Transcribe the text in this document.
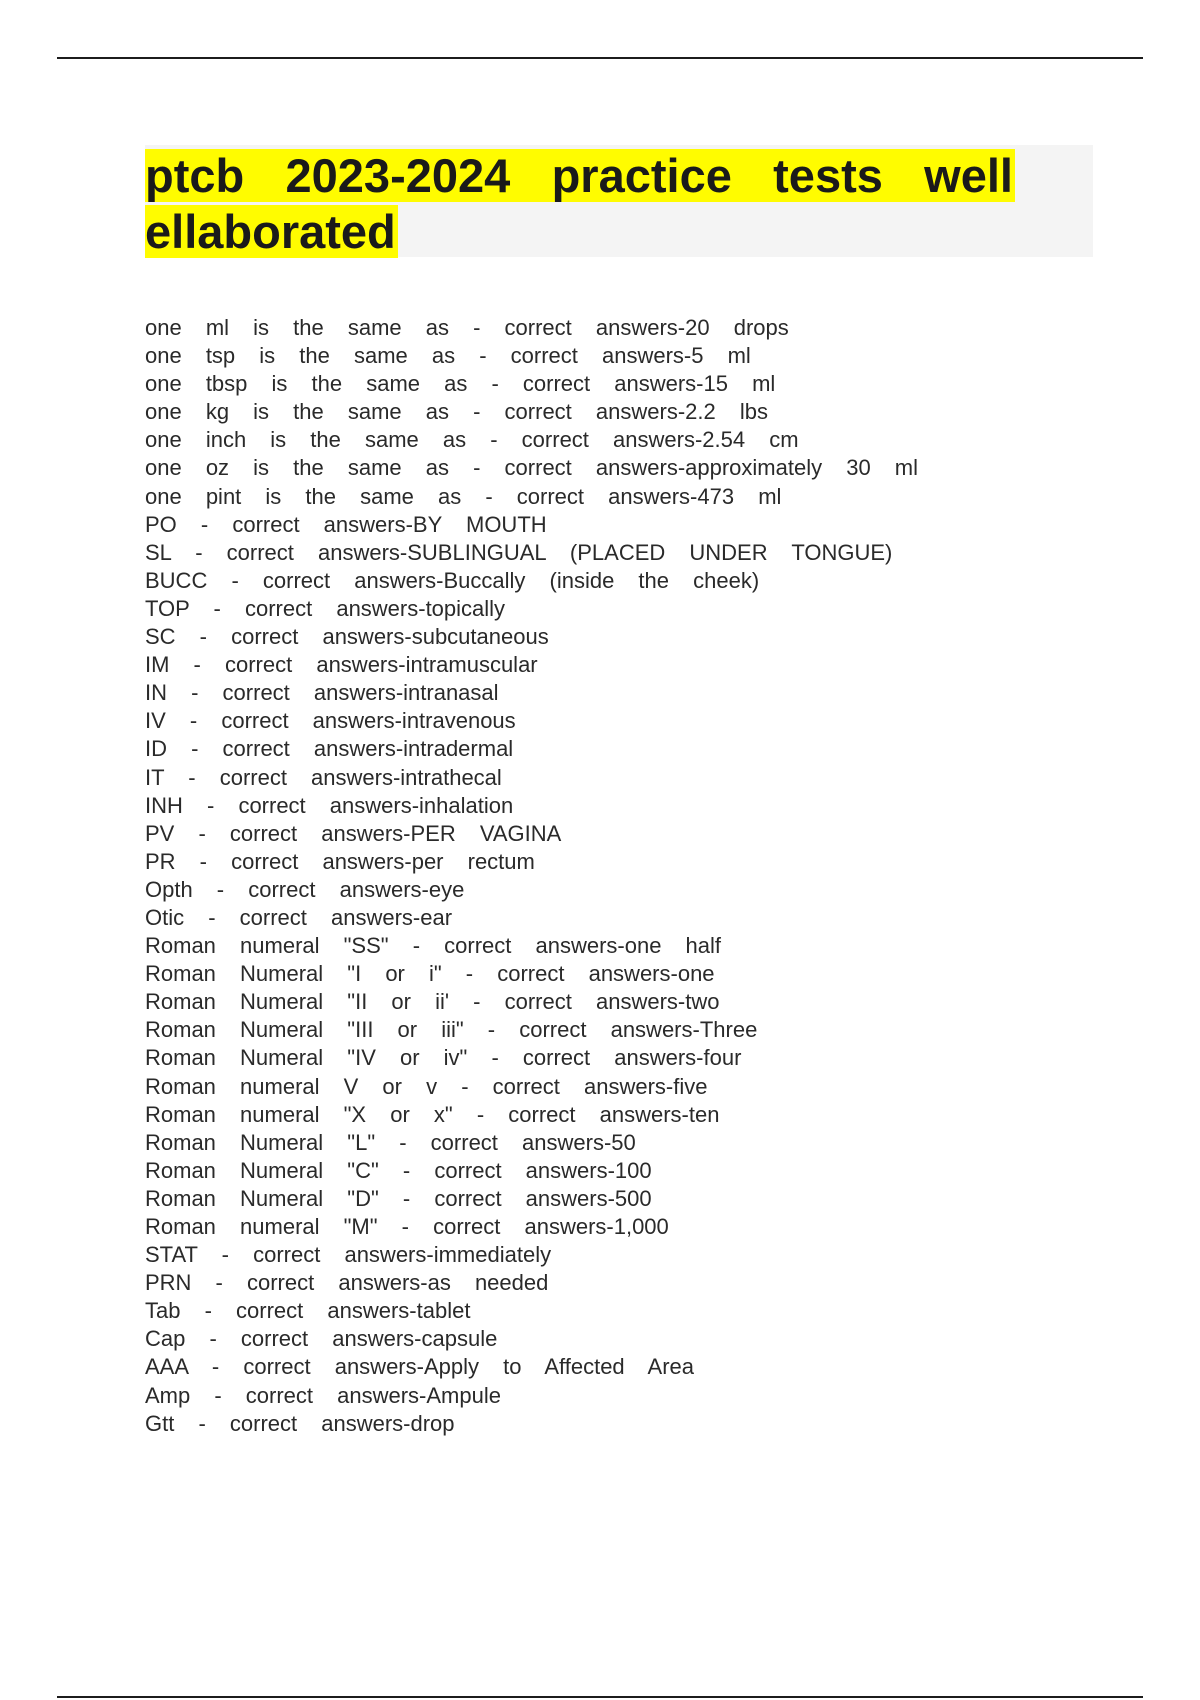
ptcb 2023-2024 practice tests well ellaborated
one ml is the same as - correct answers-20 drops
one tsp is the same as - correct answers-5 ml
one tbsp is the same as - correct answers-15 ml
one kg is the same as - correct answers-2.2 lbs
one inch is the same as - correct answers-2.54 cm
one oz is the same as - correct answers-approximately 30 ml
one pint is the same as - correct answers-473 ml
PO - correct answers-BY MOUTH
SL - correct answers-SUBLINGUAL (PLACED UNDER TONGUE)
BUCC - correct answers-Buccally (inside the cheek)
TOP - correct answers-topically
SC - correct answers-subcutaneous
IM - correct answers-intramuscular
IN - correct answers-intranasal
IV - correct answers-intravenous
ID - correct answers-intradermal
IT - correct answers-intrathecal
INH - correct answers-inhalation
PV - correct answers-PER VAGINA
PR - correct answers-per rectum
Opth - correct answers-eye
Otic - correct answers-ear
Roman numeral "SS" - correct answers-one half
Roman Numeral "I or i" - correct answers-one
Roman Numeral "II or ii' - correct answers-two
Roman Numeral "III or iii" - correct answers-Three
Roman Numeral "IV or iv" - correct answers-four
Roman numeral V or v - correct answers-five
Roman numeral "X or x" - correct answers-ten
Roman Numeral "L" - correct answers-50
Roman Numeral "C" - correct answers-100
Roman Numeral "D" - correct answers-500
Roman numeral "M" - correct answers-1,000
STAT - correct answers-immediately
PRN - correct answers-as needed
Tab - correct answers-tablet
Cap - correct answers-capsule
AAA - correct answers-Apply to Affected Area
Amp - correct answers-Ampule
Gtt - correct answers-drop
